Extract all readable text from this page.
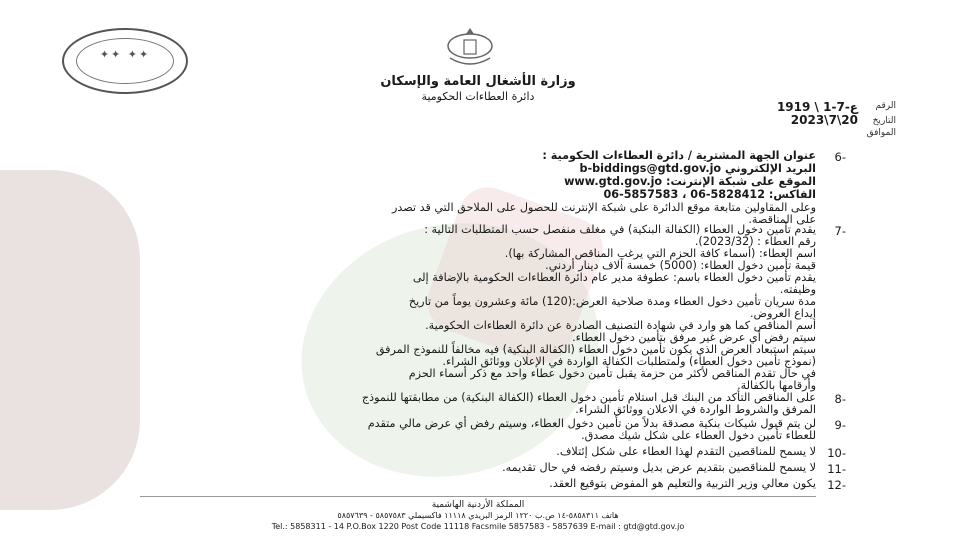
✦✦ ✦✦
وزارة الأشغال العامة والإسكان
دائرة العطاءات الحكومية
الرقم
ع-7-1 \ 1919
التاريخ
2023\7\20
الموافق
6-
عنوان الجهة المشترية / دائرة العطاءات الحكومية :
البريد الإلكتروني b-biddings@gtd.gov.jo
الموقع على شبكة الإنترنت: www.gtd.gov.jo
الفاكس: 5828412-06 ، 5857583-06
وعلى المقاولين متابعة موقع الدائرة على شبكة الإنترنت للحصول على الملاحق التي قد تصدر
على المناقصة.
7-
يقدم تأمين دخول العطاء (الكفالة البنكية) في مغلف منفصل حسب المتطلبات التالية :
رقم العطاء : (2023/32).
اسم العطاء: (أسماء كافة الحزم التي يرغب المناقص المشاركة بها).
قيمة تأمين دخول العطاء: (5000) خمسة آلاف دينار أردني.
يقدم تأمين دخول العطاء باسم: عطوفة مدير عام دائرة العطاءات الحكومية بالإضافة إلى
وظيفته.
مدة سريان تأمين دخول العطاء ومدة صلاحية العرض:(120) مائة وعشرون يوماً من تاريخ
إيداع العروض.
اسم المناقص كما هو وارد في شهادة التصنيف الصادرة عن دائرة العطاءات الحكومية.
سيتم رفض أي عرض غير مرفق بتأمين دخول العطاء.
سيتم استبعاد العرض الذي يكون تأمين دخول العطاء (الكفالة البنكية) فيه مخالفاً للنموذج المرفق
(نموذج تأمين دخول العطاء) ولمتطلبات الكفالة الواردة في الإعلان ووثائق الشراء.
في حال تقدم المناقص لأكثر من حزمة يقبل تأمين دخول عطاء واحد مع ذكر أسماء الحزم
وأرقامها بالكفالة.
8-
على المناقص التأكد من البنك قبل استلام تأمين دخول العطاء (الكفالة البنكية) من مطابقتها للنموذج
المرفق والشروط الواردة في الاعلان ووثائق الشراء.
9-
لن يتم قبول شيكات بنكية مصدقة بدلاً من تأمين دخول العطاء، وسيتم رفض أي عرض مالي متقدم
للعطاء تأمين دخول العطاء على شكل شيك مصدق.
10-
لا يسمح للمناقصين التقدم لهذا العطاء على شكل إئتلاف.
11-
لا يسمح للمناقصين بتقديم عرض بديل وسيتم رفضه في حال تقديمه.
12-
يكون معالي وزير التربية والتعليم هو المفوض بتوقيع العقد.
المملكة الأردنية الهاشمية
هاتف ٥٨٥٨٣١١-١٤ ص.ب ١٢٢٠ الرمز البريدي ١١١١٨ فاكسيملي ٥٨٥٧٥٨٣ - ٥٨٥٧٦٣٩
Tel.: 5858311 - 14 P.O.Box 1220 Post Code 11118 Facsmile 5857583 - 5857639 E-mail : gtd@gtd.gov.jo
